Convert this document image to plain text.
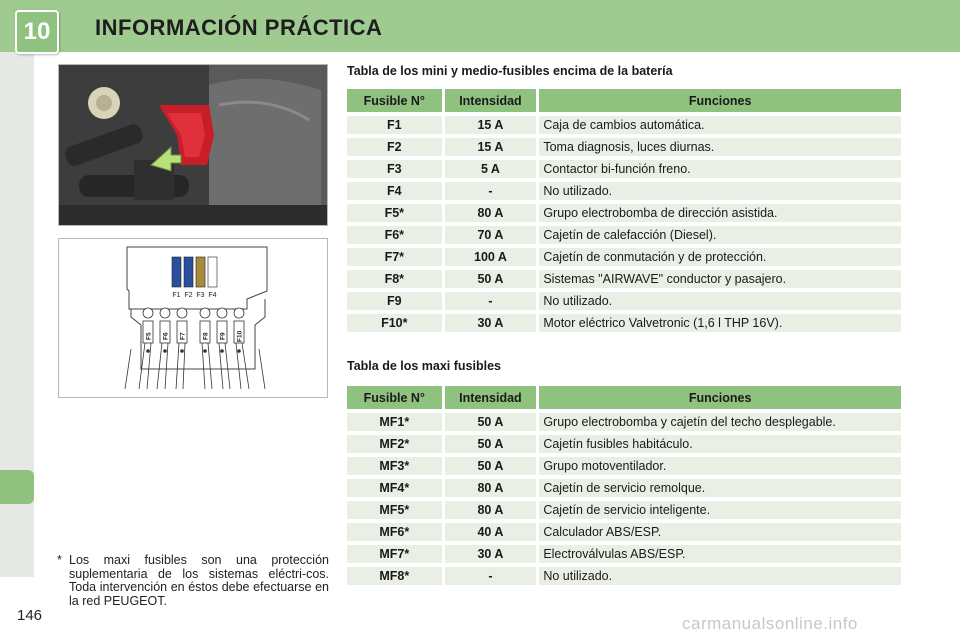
10	INFORMACIÓN PRÁCTICA
F1 F2 F3 F4
F5 F6 F7 F8 F9 F10
Tabla de los mini y medio-fusibles encima de la batería
Fusible N°	Intensidad	Funciones
F1	15 A	Caja de cambios automática.
F2	15 A	Toma diagnosis, luces diurnas.
F3	5 A	Contactor bi-función freno.
F4	-	No utilizado.
F5*	80 A	Grupo electrobomba de dirección asistida.
F6*	70 A	Cajetín de calefacción (Diesel).
F7*	100 A	Cajetín de conmutación y de protección.
F8*	50 A	Sistemas "AIRWAVE" conductor y pasajero.
F9	-	No utilizado.
F10*	30 A	Motor eléctrico Valvetronic (1,6 l THP 16V).
Tabla de los maxi fusibles
Fusible N°	Intensidad	Funciones
MF1*	50 A	Grupo electrobomba y cajetín del techo desplegable.
MF2*	50 A	Cajetín fusibles habitáculo.
MF3*	50 A	Grupo motoventilador.
MF4*	80 A	Cajetín de servicio remolque.
MF5*	80 A	Cajetín de servicio inteligente.
MF6*	40 A	Calculador ABS/ESP.
MF7*	30 A	Electroválvulas ABS/ESP.
MF8*	-	No utilizado.
* Los maxi fusibles son una protección suplementaria de los sistemas eléctri-cos. Toda intervención en éstos debe efectuarse en la red PEUGEOT.
146	carmanualsonline.info
